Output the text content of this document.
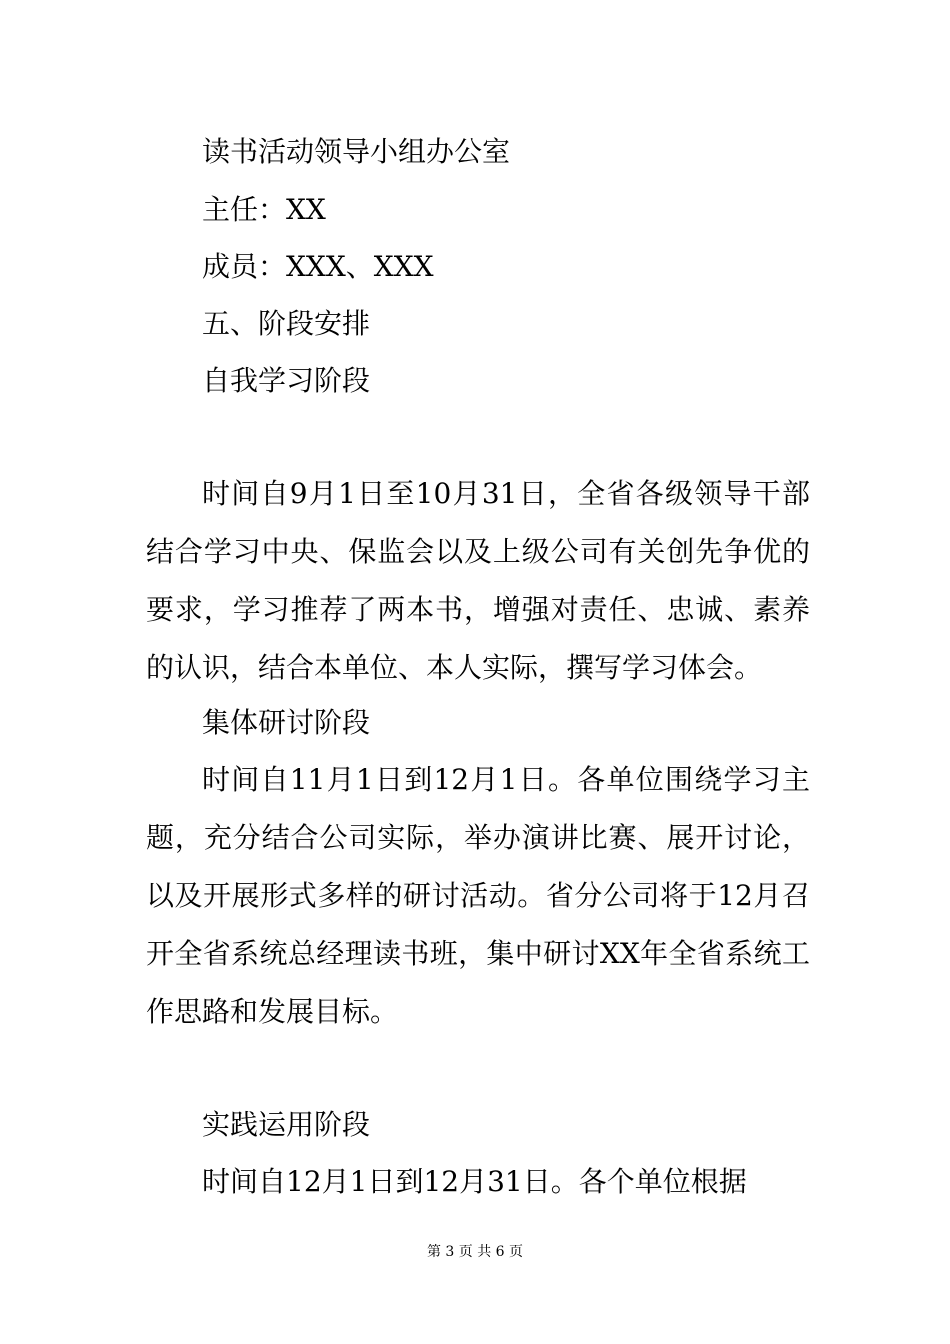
读书活动领导小组办公室
主任：XX
成员：XXX、XXX
五、阶段安排
自我学习阶段

时间自9月1日至10月31日，全省各级领导干部结合学习中央、保监会以及上级公司有关创先争优的要求，学习推荐了两本书，增强对责任、忠诚、素养的认识，结合本单位、本人实际，撰写学习体会。

集体研讨阶段

时间自11月1日到12月1日。各单位围绕学习主题，充分结合公司实际，举办演讲比赛、展开讨论，以及开展形式多样的研讨活动。省分公司将于12月召开全省系统总经理读书班，集中研讨XX年全省系统工作思路和发展目标。

实践运用阶段

时间自12月1日到12月31日。各个单位根据

第 3 页 共 6 页
